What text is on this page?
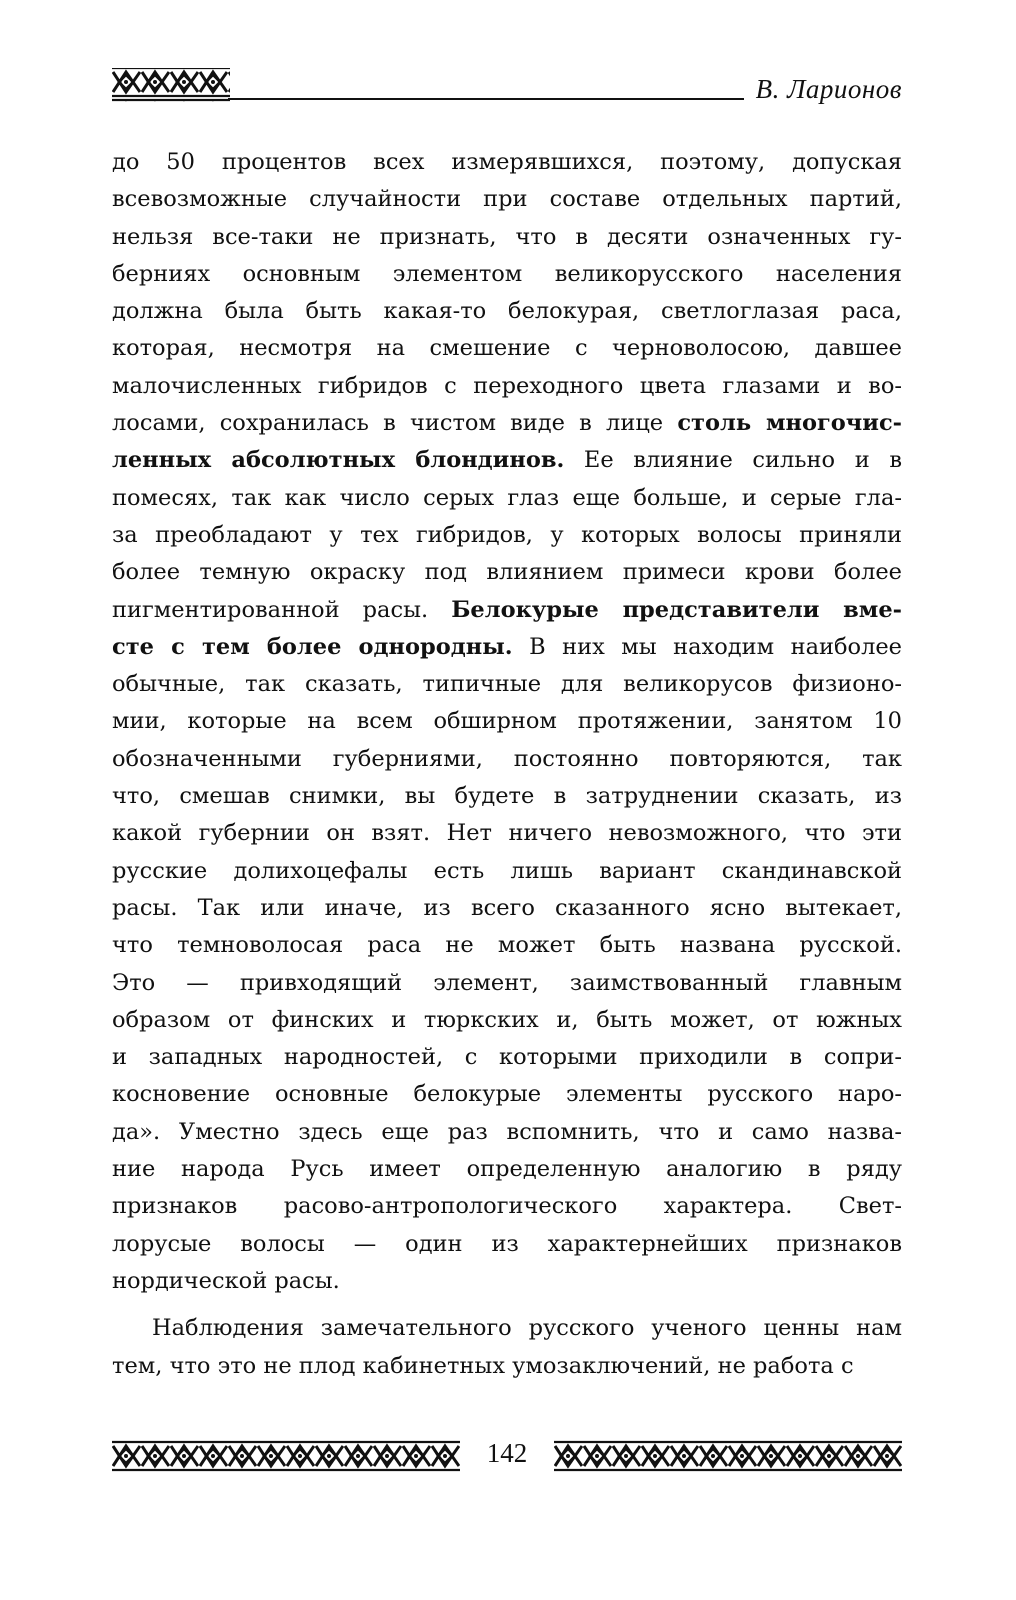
В. Ларионов
до 50 процентов всех измерявшихся, поэтому, допуская
всевозможные случайности при составе отдельных партий,
нельзя все-таки не признать, что в десяти означенных гу-
берниях основным элементом великорусского населения
должна была быть какая-то белокурая, светлоглазая раса,
которая, несмотря на смешение с черноволосою, давшее
малочисленных гибридов с переходного цвета глазами и во-
лосами, сохранилась в чистом виде в лице столь многочис-
ленных абсолютных блондинов. Ее влияние сильно и в
помесях, так как число серых глаз еще больше, и серые гла-
за преобладают у тех гибридов, у которых волосы приняли
более темную окраску под влиянием примеси крови более
пигментированной расы. Белокурые представители вме-
сте с тем более однородны. В них мы находим наиболее
обычные, так сказать, типичные для великорусов физионо-
мии, которые на всем обширном протяжении, занятом 10
обозначенными губерниями, постоянно повторяются, так
что, смешав снимки, вы будете в затруднении сказать, из
какой губернии он взят. Нет ничего невозможного, что эти
русские долихоцефалы есть лишь вариант скандинавской
расы. Так или иначе, из всего сказанного ясно вытекает,
что темноволосая раса не может быть названа русской.
Это — привходящий элемент, заимствованный главным
образом от финских и тюркских и, быть может, от южных
и западных народностей, с которыми приходили в сопри-
косновение основные белокурые элементы русского наро-
да». Уместно здесь еще раз вспомнить, что и само назва-
ние народа Русь имеет определенную аналогию в ряду
признаков расово-антропологического характера. Свет-
лорусые волосы — один из характернейших признаков
нордической расы.
Наблюдения замечательного русского ученого ценны нам
тем, что это не плод кабинетных умозаключений, не работа с
142
